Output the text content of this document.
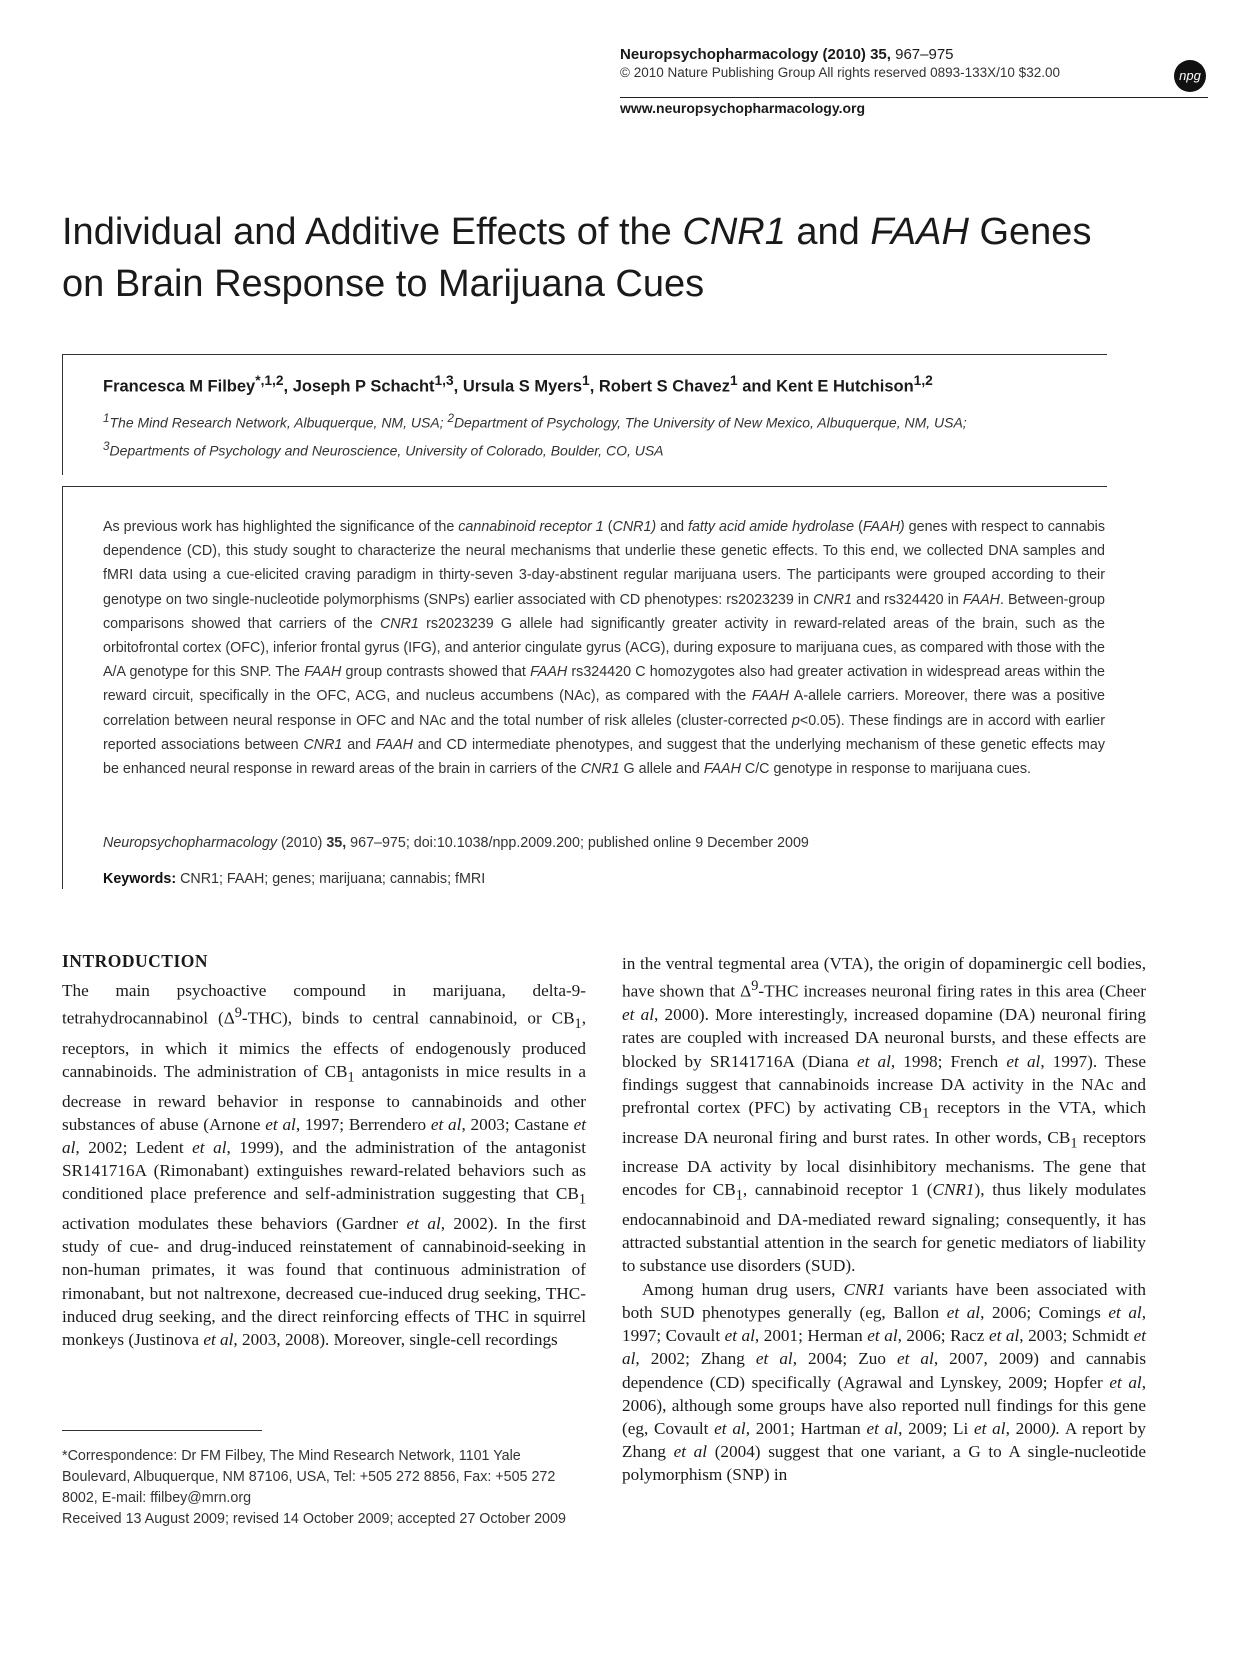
Neuropsychopharmacology (2010) 35, 967–975
© 2010 Nature Publishing Group All rights reserved 0893-133X/10 $32.00	npg
www.neuropsychopharmacology.org
Individual and Additive Effects of the CNR1 and FAAH Genes
on Brain Response to Marijuana Cues
Francesca M Filbey$^{*,1,2}$, Joseph P Schacht$^{1,3}$, Ursula S Myers$^1$, Robert S Chavez$^1$ and Kent E Hutchison$^{1,2}$
$^1$The Mind Research Network, Albuquerque, NM, USA; $^2$Department of Psychology, The University of New Mexico, Albuquerque, NM, USA;
$^3$Departments of Psychology and Neuroscience, University of Colorado, Boulder, CO, USA
As previous work has highlighted the significance of the cannabinoid receptor 1 (CNR1) and fatty acid amide hydrolase (FAAH) genes with respect to cannabis dependence (CD), this study sought to characterize the neural mechanisms that underlie these genetic effects. To this end, we collected DNA samples and fMRI data using a cue-elicited craving paradigm in thirty-seven 3-day-abstinent regular marijuana users. The participants were grouped according to their genotype on two single-nucleotide polymorphisms (SNPs) earlier associated with CD phenotypes: rs2023239 in CNR1 and rs324420 in FAAH. Between-group comparisons showed that carriers of the CNR1 rs2023239 G allele had significantly greater activity in reward-related areas of the brain, such as the orbitofrontal cortex (OFC), inferior frontal gyrus (IFG), and anterior cingulate gyrus (ACG), during exposure to marijuana cues, as compared with those with the A/A genotype for this SNP. The FAAH group contrasts showed that FAAH rs324420 C homozygotes also had greater activation in widespread areas within the reward circuit, specifically in the OFC, ACG, and nucleus accumbens (NAc), as compared with the FAAH A-allele carriers. Moreover, there was a positive correlation between neural response in OFC and NAc and the total number of risk alleles (cluster-corrected p<0.05). These findings are in accord with earlier reported associations between CNR1 and FAAH and CD intermediate phenotypes, and suggest that the underlying mechanism of these genetic effects may be enhanced neural response in reward areas of the brain in carriers of the CNR1 G allele and FAAH C/C genotype in response to marijuana cues.
Neuropsychopharmacology (2010) 35, 967–975; doi:10.1038/npp.2009.200; published online 9 December 2009
Keywords: CNR1; FAAH; genes; marijuana; cannabis; fMRI
INTRODUCTION

The main psychoactive compound in marijuana, delta-9-tetrahydrocannabinol $(\Delta^9-THC)$, binds to central cannabinoid, or $CB_1$, receptors, in which it mimics the effects of endogenously produced cannabinoids. The administration of $CB_1$ antagonists in mice results in a decrease in reward behavior in response to cannabinoids and other substances of abuse (Arnone et al, 1997; Berrendero et al, 2003; Castane et al, 2002; Ledent et al, 1999), and the administration of the antagonist SR141716A (Rimonabant) extinguishes reward-related behaviors such as conditioned place preference and self-administration suggesting that $CB_1$ activation modulates these behaviors (Gardner et al, 2002). In the first study of cue- and drug-induced reinstatement of cannabinoid-seeking in non-human primates, it was found that continuous administration of rimonabant, but not naltrexone, decreased cue-induced drug seeking, THC-induced drug seeking, and the direct reinforcing effects of THC in squirrel monkeys (Justinova et al, 2003, 2008). Moreover, single-cell recordings

*Correspondence: Dr FM Filbey, The Mind Research Network, 1101 Yale Boulevard, Albuquerque, NM 87106, USA, Tel: +505 272 8856, Fax: +505 272 8002, E-mail: ffilbey@mrn.org

Received 13 August 2009; revised 14 October 2009; accepted 27 October 2009

in the ventral tegmental area (VTA), the origin of dopaminergic cell bodies, have shown that $\Delta^9$-THC increases neuronal firing rates in this area (Cheer et al, 2000). More interestingly, increased dopamine (DA) neuronal firing rates are coupled with increased DA neuronal bursts, and these effects are blocked by SR141716A (Diana et al, 1998; French et al, 1997). These findings suggest that cannabinoids increase DA activity in the NAc and prefrontal cortex (PFC) by activating $CB_1$ receptors in the VTA, which increase DA neuronal firing and burst rates. In other words, $CB_1$ receptors increase DA activity by local disinhibitory mechanisms. The gene that encodes for $CB_1$, cannabinoid receptor 1 (CNR1), thus likely modulates endocannabinoid and DA-mediated reward signaling; consequently, it has attracted substantial attention in the search for genetic mediators of liability to substance use disorders (SUD).

Among human drug users, CNR1 variants have been associated with both SUD phenotypes generally (eg, Ballon et al, 2006; Comings et al, 1997; Covault et al, 2001; Herman et al, 2006; Racz et al, 2003; Schmidt et al, 2002; Zhang et al, 2004; Zuo et al, 2007, 2009) and cannabis dependence (CD) specifically (Agrawal and Lynskey, 2009; Hopfer et al, 2006), although some groups have also reported null findings for this gene (eg, Covault et al, 2001; Hartman et al, 2009; Li et al, 2000). A report by Zhang et al (2004) suggest that one variant, a G to A single-nucleotide polymorphism (SNP) in
